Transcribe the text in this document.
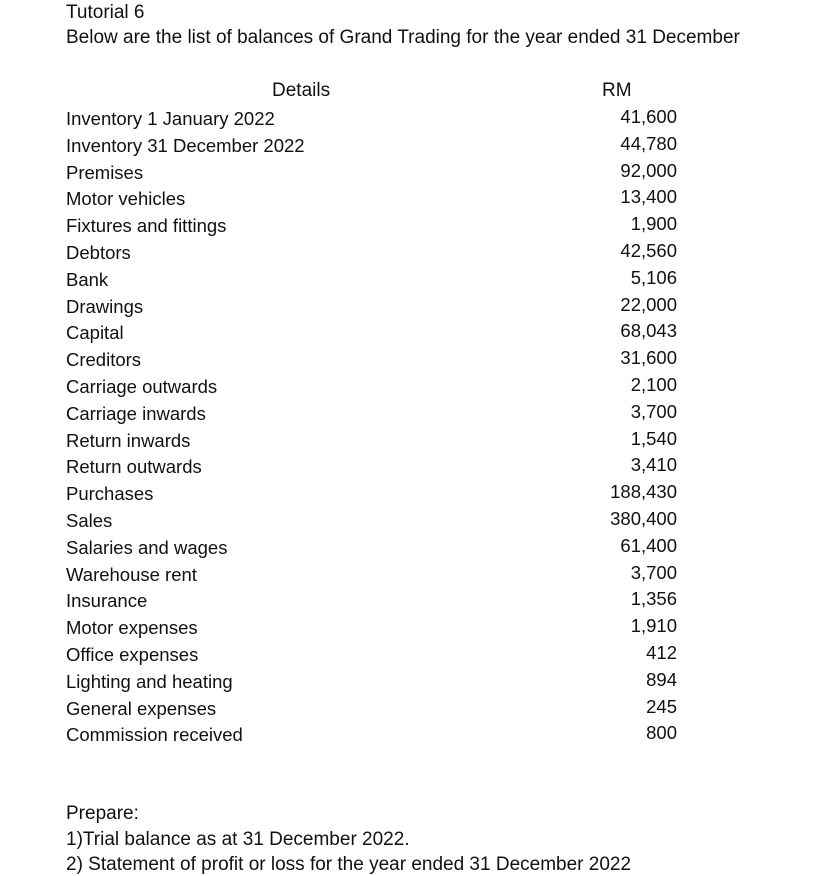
Tutorial 6
Below are the list of balances of Grand Trading for the year ended 31 December
Details	RM
Inventory 1 January 2022	41,600
Inventory 31 December 2022	44,780
Premises	92,000
Motor vehicles	13,400
Fixtures and fittings	1,900
Debtors	42,560
Bank	5,106
Drawings	22,000
Capital	68,043
Creditors	31,600
Carriage outwards	2,100
Carriage inwards	3,700
Return inwards	1,540
Return outwards	3,410
Purchases	188,430
Sales	380,400
Salaries and wages	61,400
Warehouse rent	3,700
Insurance	1,356
Motor expenses	1,910
Office expenses	412
Lighting and heating	894
General expenses	245
Commission received	800
Prepare:
1)Trial balance as at 31 December 2022.
2) Statement of profit or loss for the year ended 31 December 2022
